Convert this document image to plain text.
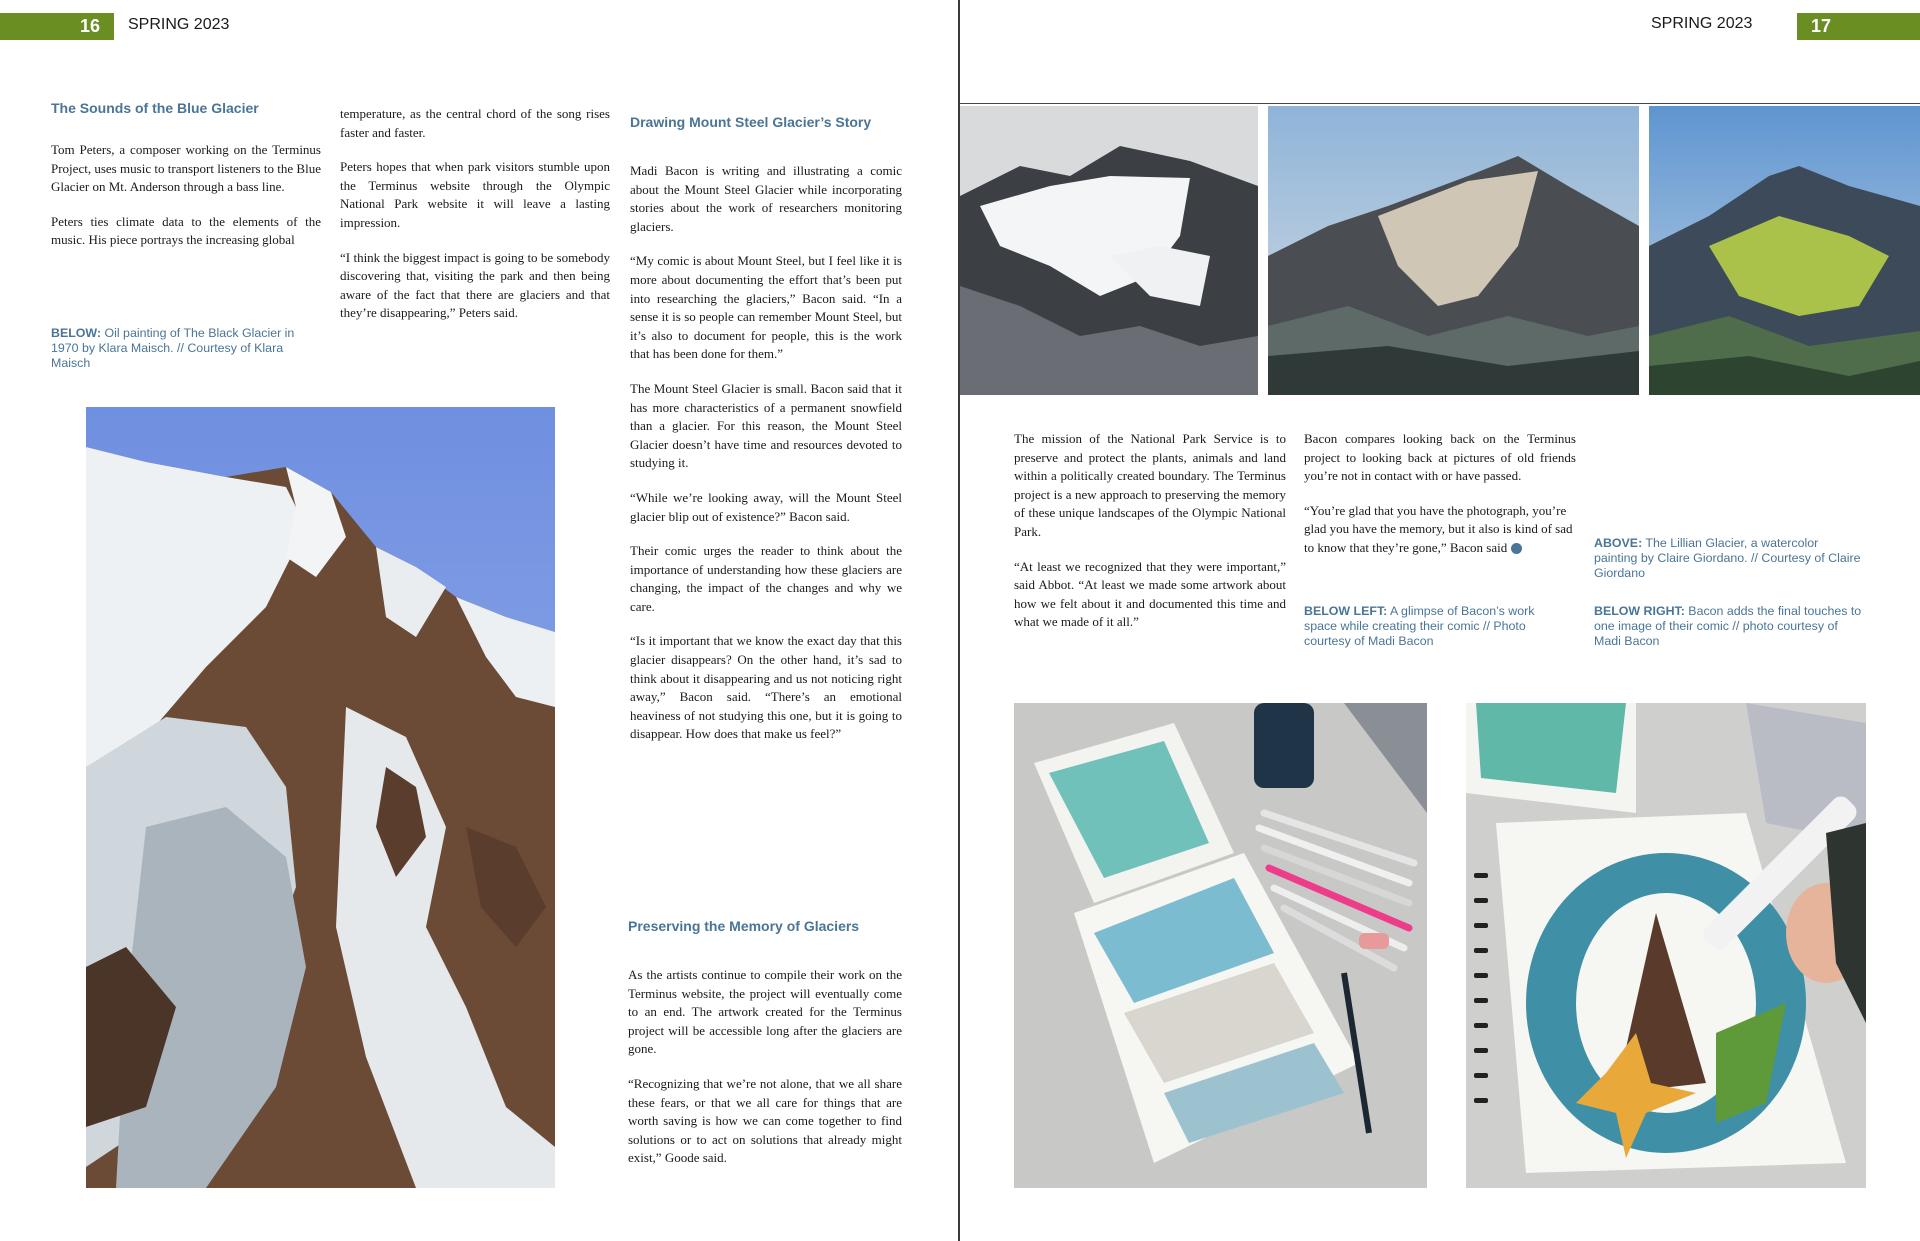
16 SPRING 2023	SPRING 2023	17
The Sounds of the Blue Glacier

Tom Peters, a composer working on the Terminus Project, uses music to transport listeners to the Blue Glacier on Mt. Anderson through a bass line.

Peters ties climate data to the elements of the music. His piece portrays the increasing global

BELOW: Oil painting of The Black Glacier in 1970 by Klara Maisch. // Courtesy of Klara Maisch

temperature, as the central chord of the song rises faster and faster.

Peters hopes that when park visitors stumble upon the Terminus website through the Olympic National Park website it will leave a lasting impression.

“I think the biggest impact is going to be somebody discovering that, visiting the park and then being aware of the fact that there are glaciers and that they’re disappearing,” Peters said.

Drawing Mount Steel Glacier’s Story

Madi Bacon is writing and illustrating a comic about the Mount Steel Glacier while incorporating stories about the work of researchers monitoring glaciers.

“My comic is about Mount Steel, but I feel like it is more about documenting the effort that’s been put into researching the glaciers,” Bacon said. “In a sense it is so people can remember Mount Steel, but it’s also to document for people, this is the work that has been done for them.”

The Mount Steel Glacier is small. Bacon said that it has more characteristics of a permanent snowfield than a glacier. For this reason, the Mount Steel Glacier doesn’t have time and resources devoted to studying it.

“While we’re looking away, will the Mount Steel glacier blip out of existence?” Bacon said.

Their comic urges the reader to think about the importance of understanding how these glaciers are changing, the impact of the changes and why we care.

“Is it important that we know the exact day that this glacier disappears? On the other hand, it’s sad to think about it disappearing and us not noticing right away,” Bacon said. “There’s an emotional heaviness of not studying this one, but it is going to disappear. How does that make us feel?”

Preserving the Memory of Glaciers

As the artists continue to compile their work on the Terminus website, the project will eventually come to an end. The artwork created for the Terminus project will be accessible long after the glaciers are gone.

“Recognizing that we’re not alone, that we all share these fears, or that we all care for things that are worth saving is how we can come together to find solutions or to act on solutions that already might exist,” Goode said.

The mission of the National Park Service is to preserve and protect the plants, animals and land within a politically created boundary. The Terminus project is a new approach to preserving the memory of these unique landscapes of the Olympic National Park.

“At least we recognized that they were important,” said Abbot. “At least we made some artwork about how we felt about it and documented this time and what we made of it all.”

Bacon compares looking back on the Terminus project to looking back at pictures of old friends you’re not in contact with or have passed.

“You’re glad that you have the photograph, you’re glad you have the memory, but it also is kind of sad to know that they’re gone,” Bacon said

BELOW LEFT: A glimpse of Bacon’s work space while creating their comic // Photo courtesy of Madi Bacon
ABOVE: The Lillian Glacier, a watercolor painting by Claire Giordano. // Courtesy of Claire Giordano
BELOW RIGHT: Bacon adds the final touches to one image of their comic // photo courtesy of Madi Bacon
